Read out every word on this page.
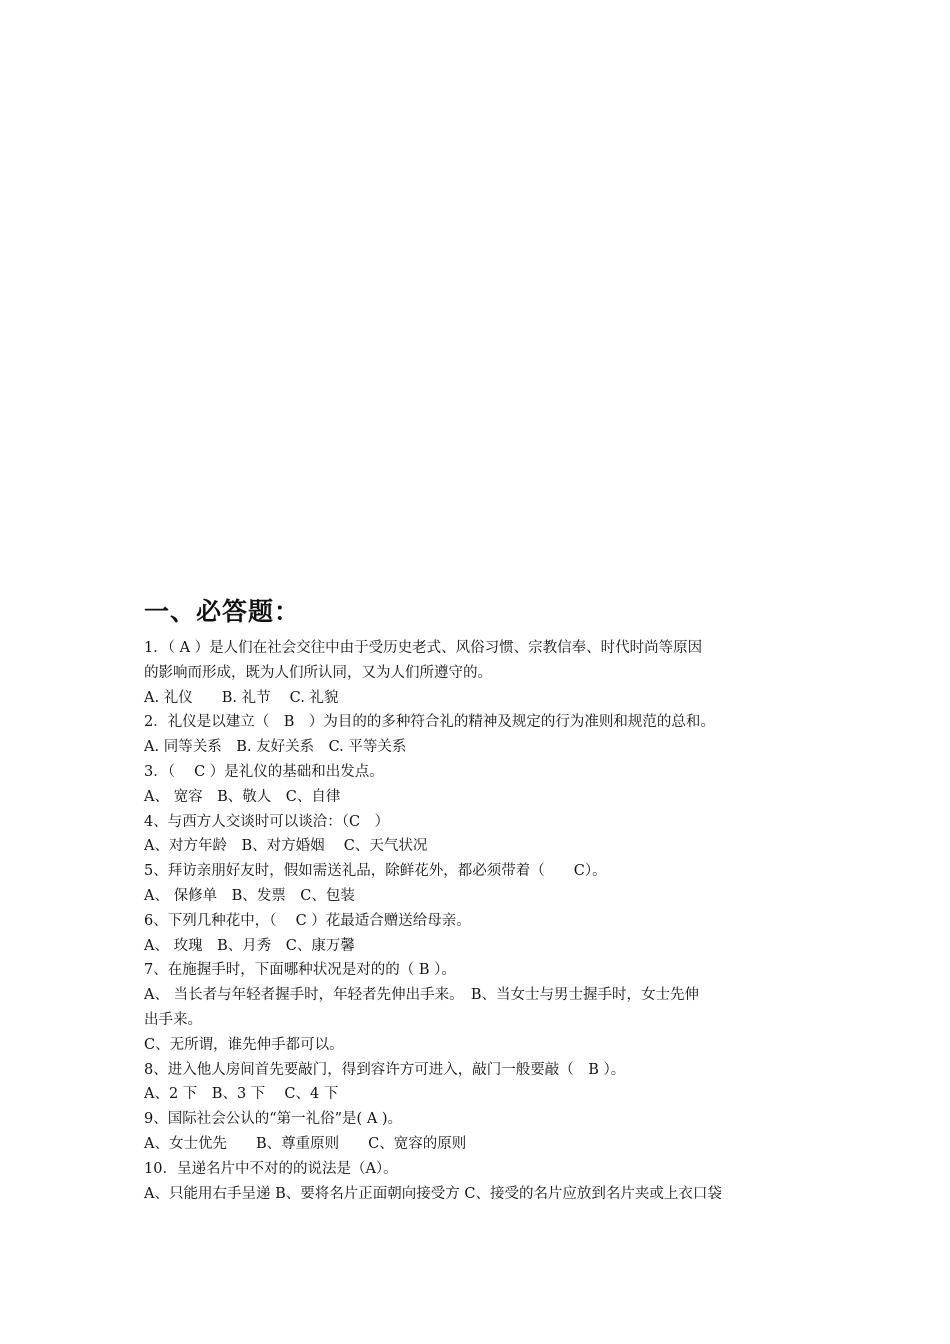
一、必答题：
1．（ A ）是人们在社会交往中由于受历史老式、风俗习惯、宗教信奉、时代时尚等原因
的影响而形成，既为人们所认同，又为人们所遵守的。
A. 礼仪　　B. 礼节　 C. 礼貌
2．礼仪是以建立（　B　）为目的的多种符合礼的精神及规定的行为准则和规范的总和。
A. 同等关系　B. 友好关系　C. 平等关系
3．（　 C ）是礼仪的基础和出发点。
A、 宽容　B、敬人　C、自律
4、与西方人交谈时可以谈洽：（C　）
A、对方年龄　B、对方婚姻　 C、天气状况
5、拜访亲朋好友时，假如需送礼品，除鲜花外，都必须带着（　　C）。
A、 保修单　B、发票　C、包装
6、下列几种花中，（　 C ）花最适合赠送给母亲。
A、 玫瑰　B、月秀　C、康万馨
7、在施握手时，下面哪种状况是对的的（ B ）。
A、 当长者与年轻者握手时，年轻者先伸出手来。　B、当女士与男士握手时，女士先伸
出手来。
C、无所谓，谁先伸手都可以。
8、进入他人房间首先要敲门，得到容许方可进入，敲门一般要敲（　B ）。
A、2 下　B、3 下　 C、4 下
9、国际社会公认的“第一礼俗”是( A )。
A、女士优先　　B、尊重原则　　C、宽容的原则
10．呈递名片中不对的的说法是（A）。
A、只能用右手呈递 B、要将名片正面朝向接受方 C、接受的名片应放到名片夹或上衣口袋
